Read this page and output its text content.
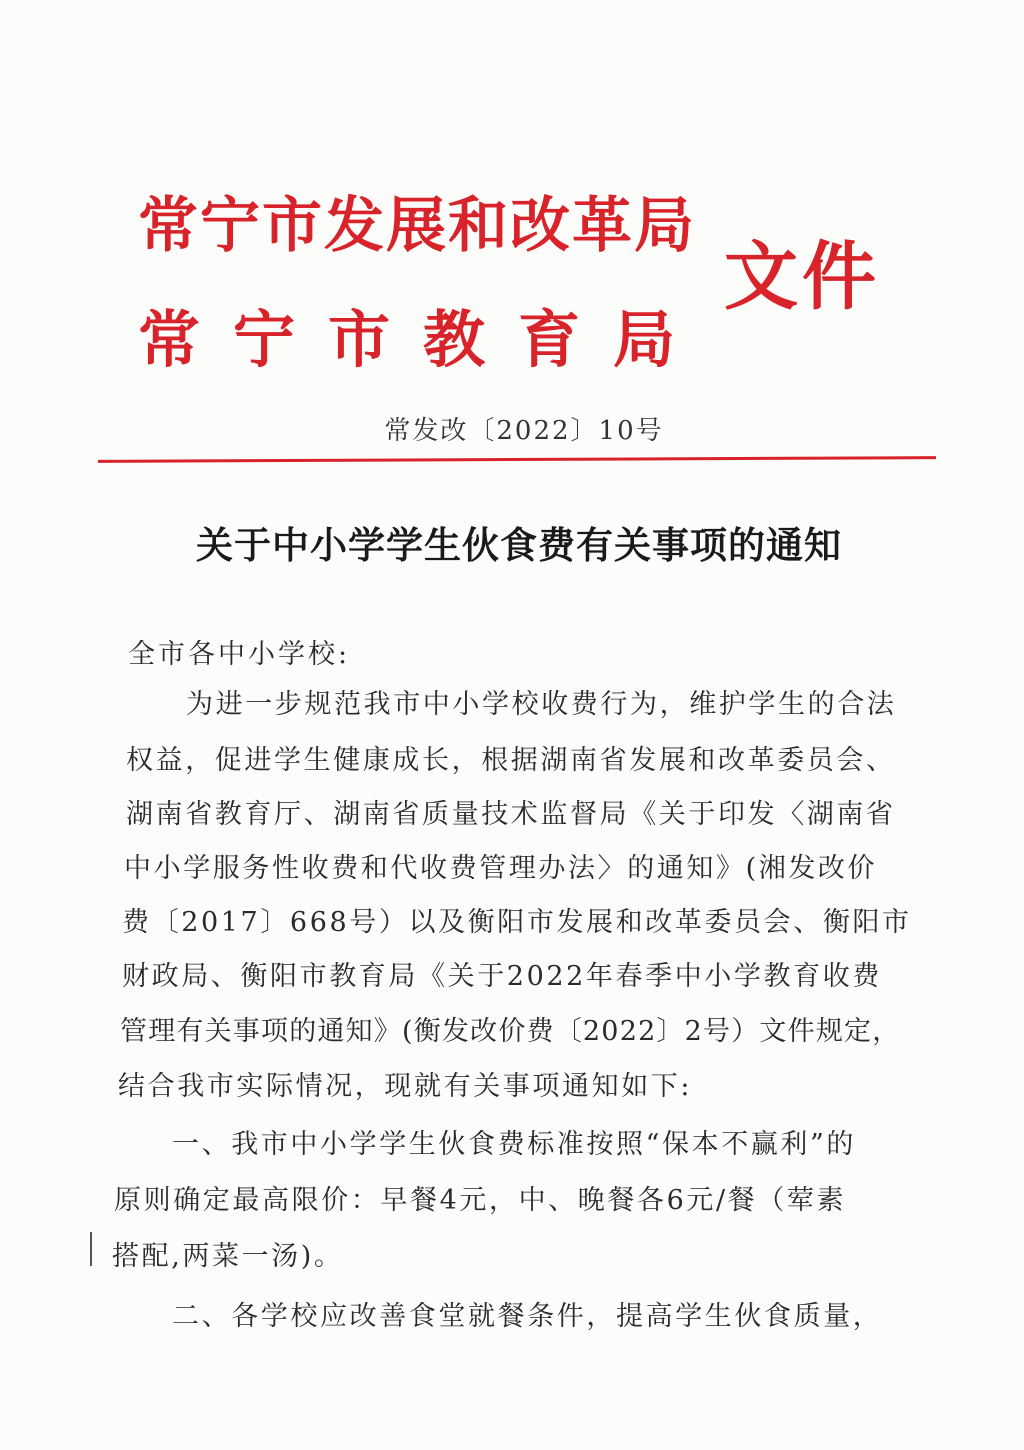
常宁市发展和改革局
常宁市教育局
文件
常发改〔2022〕10号
关于中小学学生伙食费有关事项的通知
全市各中小学校:
为进一步规范我市中小学校收费行为，维护学生的合法
权益，促进学生健康成长，根据湖南省发展和改革委员会、
湖南省教育厅、湖南省质量技术监督局《关于印发〈湖南省
中小学服务性收费和代收费管理办法〉的通知》(湘发改价
费〔2017〕668号）以及衡阳市发展和改革委员会、衡阳市
财政局、衡阳市教育局《关于2022年春季中小学教育收费
管理有关事项的通知》(衡发改价费〔2022〕2号）文件规定，
结合我市实际情况，现就有关事项通知如下:
一、我市中小学学生伙食费标准按照“保本不赢利”的
原则确定最高限价：早餐4元，中、晚餐各6元/餐（荤素
搭配,两菜一汤)。
二、各学校应改善食堂就餐条件，提高学生伙食质量，
